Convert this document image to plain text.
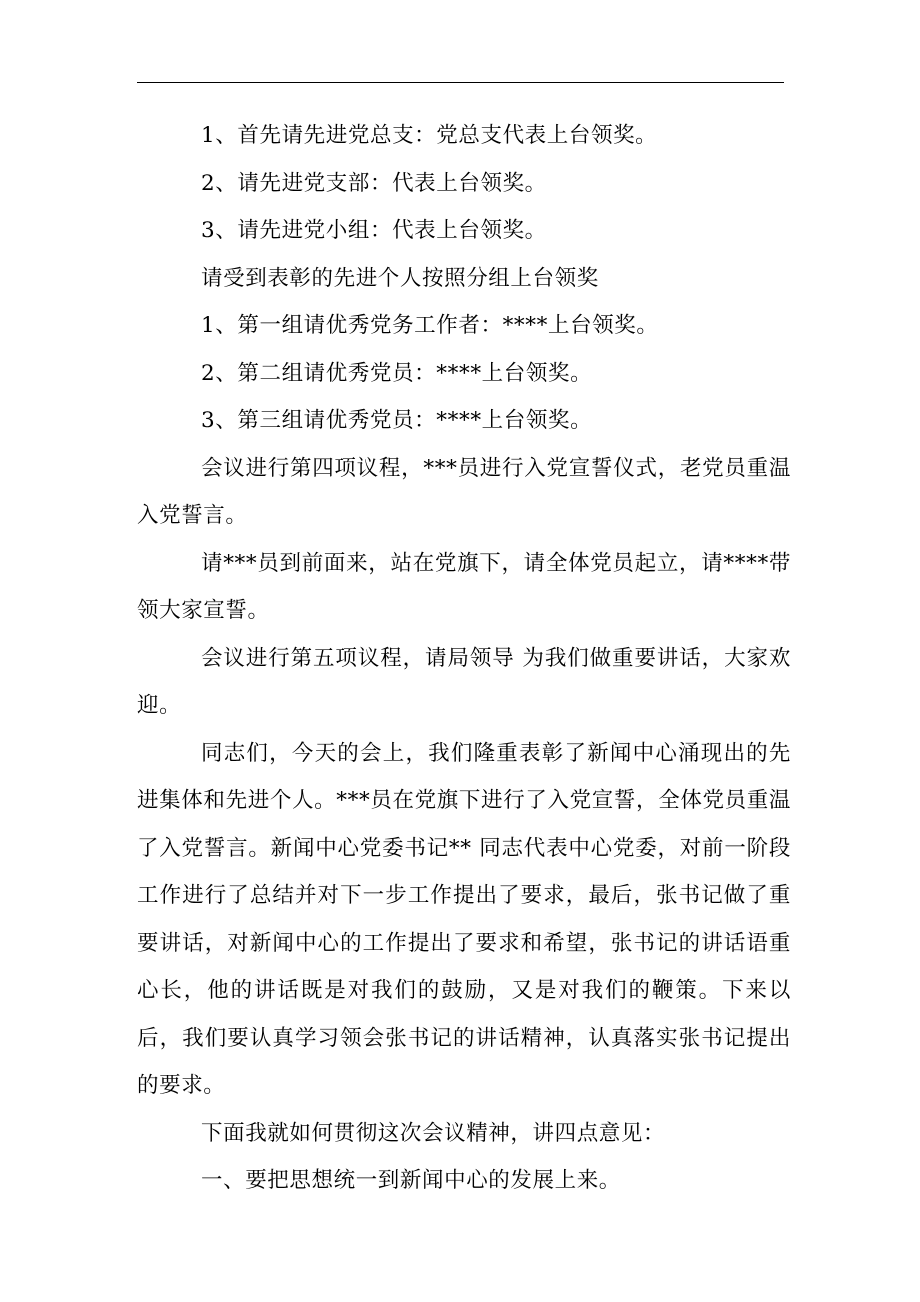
1、首先请先进党总支：党总支代表上台领奖。

2、请先进党支部：代表上台领奖。

3、请先进党小组：代表上台领奖。

请受到表彰的先进个人按照分组上台领奖

1、第一组请优秀党务工作者：****上台领奖。

2、第二组请优秀党员：****上台领奖。

3、第三组请优秀党员：****上台领奖。

会议进行第四项议程，***员进行入党宣誓仪式，老党员重温入党誓言。

请***员到前面来，站在党旗下，请全体党员起立，请****带领大家宣誓。

会议进行第五项议程，请局领导 为我们做重要讲话，大家欢迎。

同志们，今天的会上，我们隆重表彰了新闻中心涌现出的先进集体和先进个人。***员在党旗下进行了入党宣誓，全体党员重温了入党誓言。新闻中心党委书记** 同志代表中心党委，对前一阶段工作进行了总结并对下一步工作提出了要求，最后，张书记做了重要讲话，对新闻中心的工作提出了要求和希望，张书记的讲话语重心长，他的讲话既是对我们的鼓励，又是对我们的鞭策。下来以后，我们要认真学习领会张书记的讲话精神，认真落实张书记提出的要求。

下面我就如何贯彻这次会议精神，讲四点意见：

一、要把思想统一到新闻中心的发展上来。
